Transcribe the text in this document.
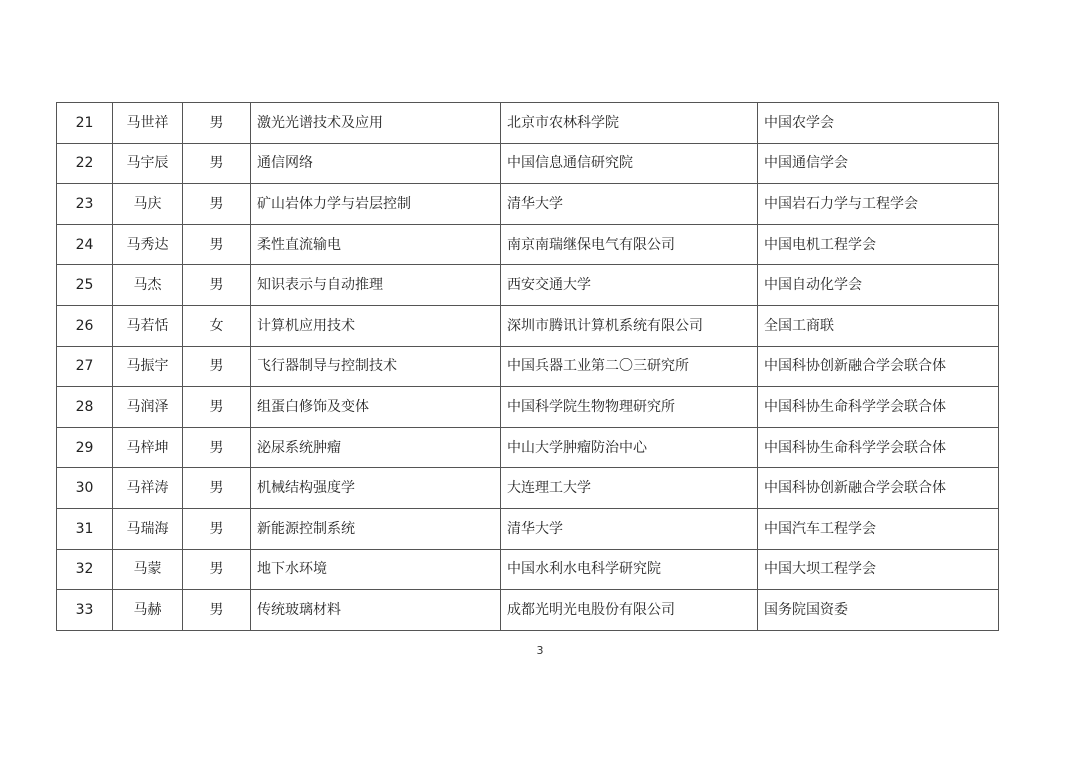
21	马世祥	男	激光光谱技术及应用	北京市农林科学院	中国农学会
22	马宇辰	男	通信网络	中国信息通信研究院	中国通信学会
23	马庆	男	矿山岩体力学与岩层控制	清华大学	中国岩石力学与工程学会
24	马秀达	男	柔性直流输电	南京南瑞继保电气有限公司	中国电机工程学会
25	马杰	男	知识表示与自动推理	西安交通大学	中国自动化学会
26	马若恬	女	计算机应用技术	深圳市腾讯计算机系统有限公司	全国工商联
27	马振宇	男	飞行器制导与控制技术	中国兵器工业第二〇三研究所	中国科协创新融合学会联合体
28	马润泽	男	组蛋白修饰及变体	中国科学院生物物理研究所	中国科协生命科学学会联合体
29	马梓坤	男	泌尿系统肿瘤	中山大学肿瘤防治中心	中国科协生命科学学会联合体
30	马祥涛	男	机械结构强度学	大连理工大学	中国科协创新融合学会联合体
31	马瑞海	男	新能源控制系统	清华大学	中国汽车工程学会
32	马蒙	男	地下水环境	中国水利水电科学研究院	中国大坝工程学会
33	马赫	男	传统玻璃材料	成都光明光电股份有限公司	国务院国资委
3
